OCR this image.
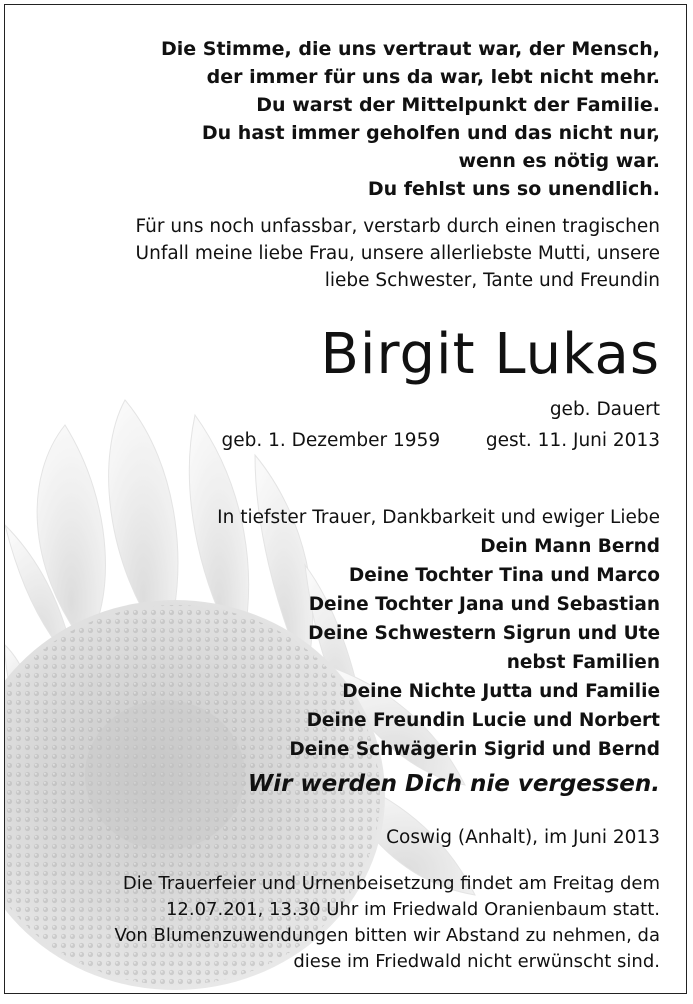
Die Stimme, die uns vertraut war, der Mensch,
der immer für uns da war, lebt nicht mehr.
Du warst der Mittelpunkt der Familie.
Du hast immer geholfen und das nicht nur,
wenn es nötig war.
Du fehlst uns so unendlich.
Für uns noch unfassbar, verstarb durch einen tragischen
Unfall meine liebe Frau, unsere allerliebste Mutti, unsere
liebe Schwester, Tante und Freundin
Birgit Lukas
geb. Dauert
geb. 1. Dezember 1959 gest. 11. Juni 2013
In tiefster Trauer, Dankbarkeit und ewiger Liebe
Dein Mann Bernd
Deine Tochter Tina und Marco
Deine Tochter Jana und Sebastian
Deine Schwestern Sigrun und Ute
nebst Familien
Deine Nichte Jutta und Familie
Deine Freundin Lucie und Norbert
Deine Schwägerin Sigrid und Bernd
Wir werden Dich nie vergessen.
Coswig (Anhalt), im Juni 2013
Die Trauerfeier und Urnenbeisetzung findet am Freitag dem
12.07.201, 13.30 Uhr im Friedwald Oranienbaum statt.
Von Blumenzuwendungen bitten wir Abstand zu nehmen, da
diese im Friedwald nicht erwünscht sind.
